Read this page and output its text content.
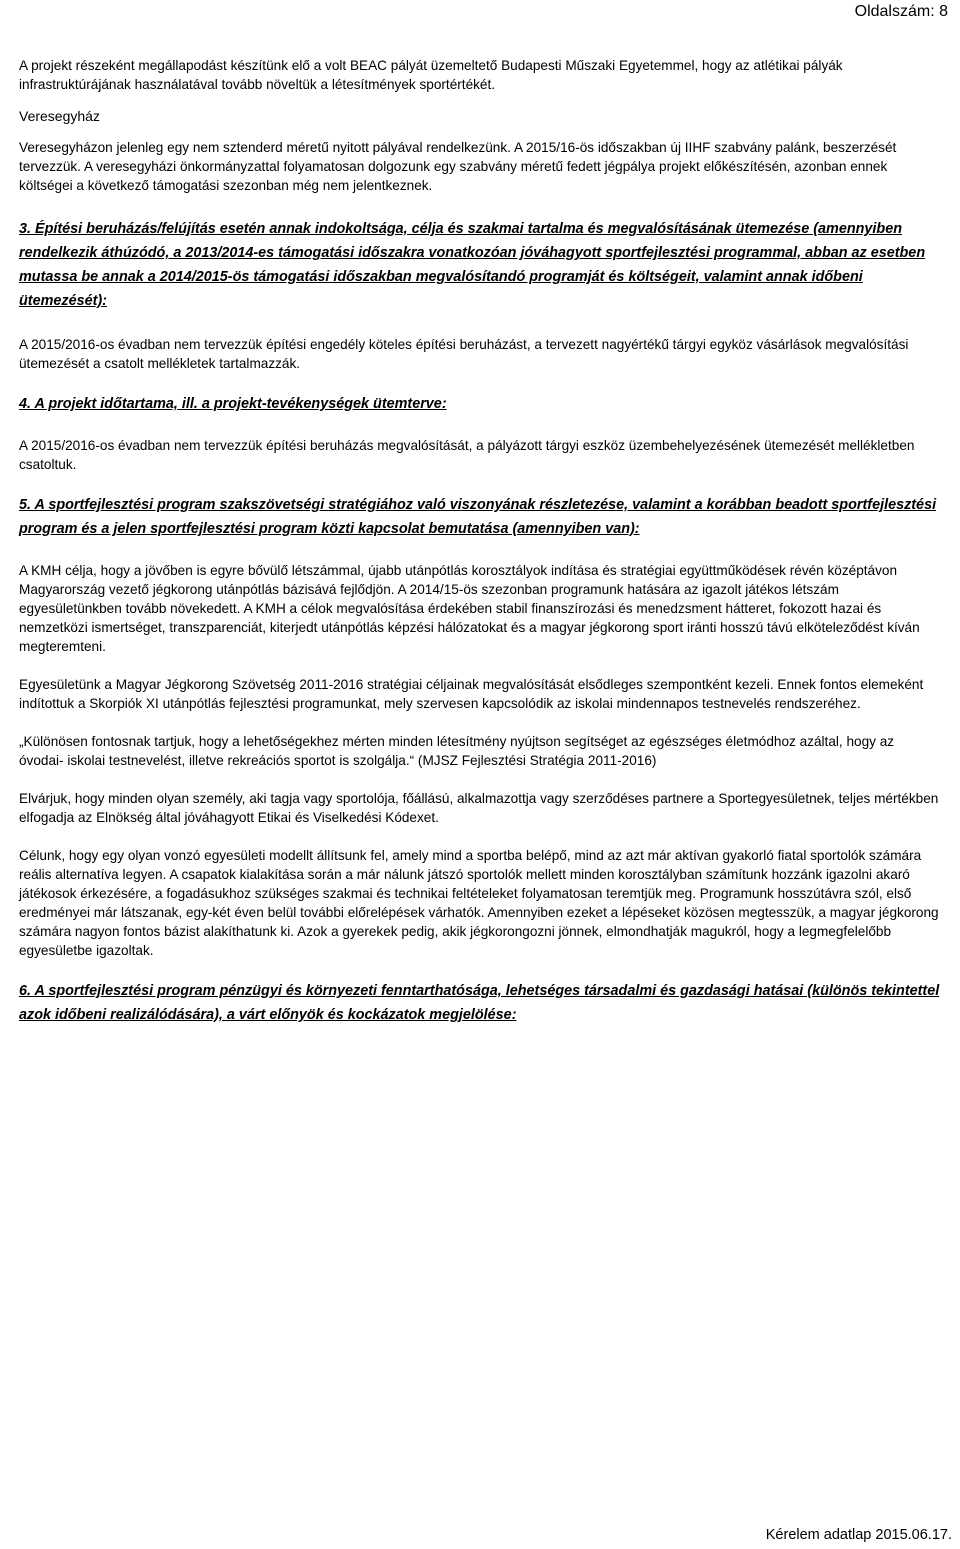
Oldalszám: 8

A projekt részeként megállapodást készítünk elő a volt BEAC pályát üzemeltető Budapesti Műszaki Egyetemmel, hogy az atlétikai pályák infrastruktúrájának használatával tovább növeltük a létesítmények sportértékét.

Veresegyház

Veresegyházon jelenleg egy nem sztenderd méretű nyitott pályával rendelkezünk. A 2015/16-ös időszakban új IIHF szabvány palánk, beszerzését tervezzük. A veresegyházi önkormányzattal folyamatosan dolgozunk egy szabvány méretű fedett jégpálya projekt előkészítésén, azonban ennek költségei a következő támogatási szezonban még nem jelentkeznek.

3. Építési beruházás/felújítás esetén annak indokoltsága, célja és szakmai tartalma és megvalósításának ütemezése (amennyiben rendelkezik áthúzódó, a 2013/2014-es támogatási időszakra vonatkozóan jóváhagyott sportfejlesztési programmal, abban az esetben mutassa be annak a 2014/2015-ös támogatási időszakban megvalósítandó programját és költségeit, valamint annak időbeni ütemezését):

A 2015/2016-os évadban nem tervezzük építési engedély köteles építési beruházást, a tervezett nagyértékű tárgyi egyköz vásárlások megvalósítási ütemezését a csatolt mellékletek tartalmazzák.

4. A projekt időtartama, ill. a projekt-tevékenységek ütemterve:

A 2015/2016-os évadban nem tervezzük építési beruházás megvalósítását, a pályázott tárgyi eszköz üzembehelyezésének ütemezését mellékletben csatoltuk.

5. A sportfejlesztési program szakszövetségi stratégiához való viszonyának részletezése, valamint a korábban beadott sportfejlesztési program és a jelen sportfejlesztési program közti kapcsolat bemutatása (amennyiben van):

A KMH célja, hogy a jövőben is egyre bővülő létszámmal, újabb utánpótlás korosztályok indítása és stratégiai együttműködések révén középtávon Magyarország vezető jégkorong utánpótlás bázisává fejlődjön. A 2014/15-ös szezonban programunk hatására az igazolt játékos létszám egyesületünkben tovább növekedett. A KMH a célok megvalósítása érdekében stabil finanszírozási és menedzsment hátteret, fokozott hazai és nemzetközi ismertséget, transzparenciát, kiterjedt utánpótlás képzési hálózatokat és a magyar jégkorong sport iránti hosszú távú elköteleződést kíván megteremteni.

Egyesületünk a Magyar Jégkorong Szövetség 2011-2016 stratégiai céljainak megvalósítását elsődleges szempontként kezeli. Ennek fontos elemeként indítottuk a Skorpiók XI utánpótlás fejlesztési programunkat, mely szervesen kapcsolódik az iskolai mindennapos testnevelés rendszeréhez.

„Különösen fontosnak tartjuk, hogy a lehetőségekhez mérten minden létesítmény nyújtson segítséget az egészséges életmódhoz azáltal, hogy az óvodai- iskolai testnevelést, illetve rekreációs sportot is szolgálja.“ (MJSZ Fejlesztési Stratégia 2011-2016)

Elvárjuk, hogy minden olyan személy, aki tagja vagy sportolója, főállású, alkalmazottja vagy szerződéses partnere a Sportegyesületnek, teljes mértékben elfogadja az Elnökség által jóváhagyott Etikai és Viselkedési Kódexet.

Célunk, hogy egy olyan vonzó egyesületi modellt állítsunk fel, amely mind a sportba belépő, mind az azt már aktívan gyakorló fiatal sportolók számára reális alternatíva legyen. A csapatok kialakítása során a már nálunk játszó sportolók mellett minden korosztályban számítunk hozzánk igazolni akaró játékosok érkezésére, a fogadásukhoz szükséges szakmai és technikai feltételeket folyamatosan teremtjük meg. Programunk hosszútávra szól, első eredményei már látszanak, egy-két éven belül további előrelépések várhatók. Amennyiben ezeket a lépéseket közösen megtesszük, a magyar jégkorong számára nagyon fontos bázist alakíthatunk ki. Azok a gyerekek pedig, akik jégkorongozni jönnek, elmondhatják magukról, hogy a legmegfelelőbb egyesületbe igazoltak.

6. A sportfejlesztési program pénzügyi és környezeti fenntarthatósága, lehetséges társadalmi és gazdasági hatásai (különös tekintettel azok időbeni realizálódására), a várt előnyök és kockázatok megjelölése:

Kérelem adatlap 2015.06.17.
